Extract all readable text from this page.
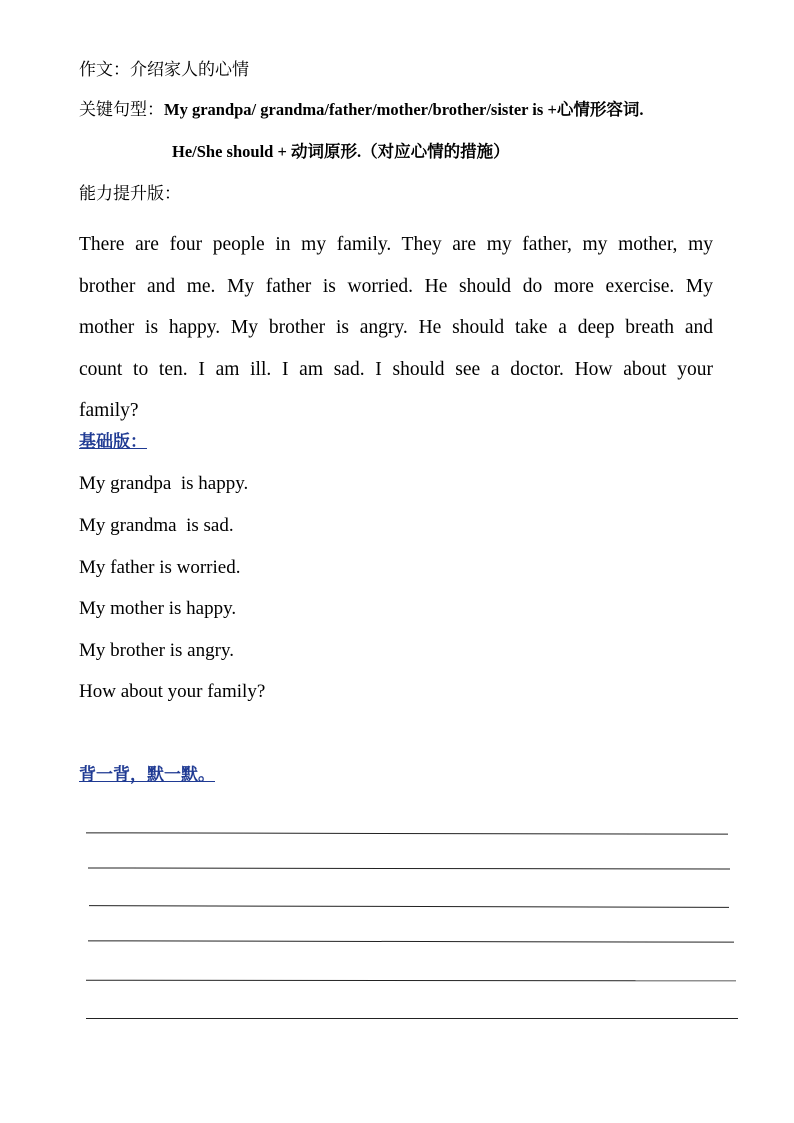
作文：介绍家人的心情
关键句型：My grandpa/ grandma/father/mother/brother/sister is +心情形容词.
He/She should + 动词原形.（对应心情的措施）
能力提升版：
There are four people in my family. They are my father, my mother, my
brother and me. My father is worried. He should do more exercise. My
mother is happy. My brother is angry. He should take a deep breath and
count to ten. I am ill. I am sad. I should see a doctor. How about your
family?
基础版：
My grandpa  is happy.
My grandma  is sad.
My father is worried.
My mother is happy.
My brother is angry.
How about your family?
背一背，默一默。
